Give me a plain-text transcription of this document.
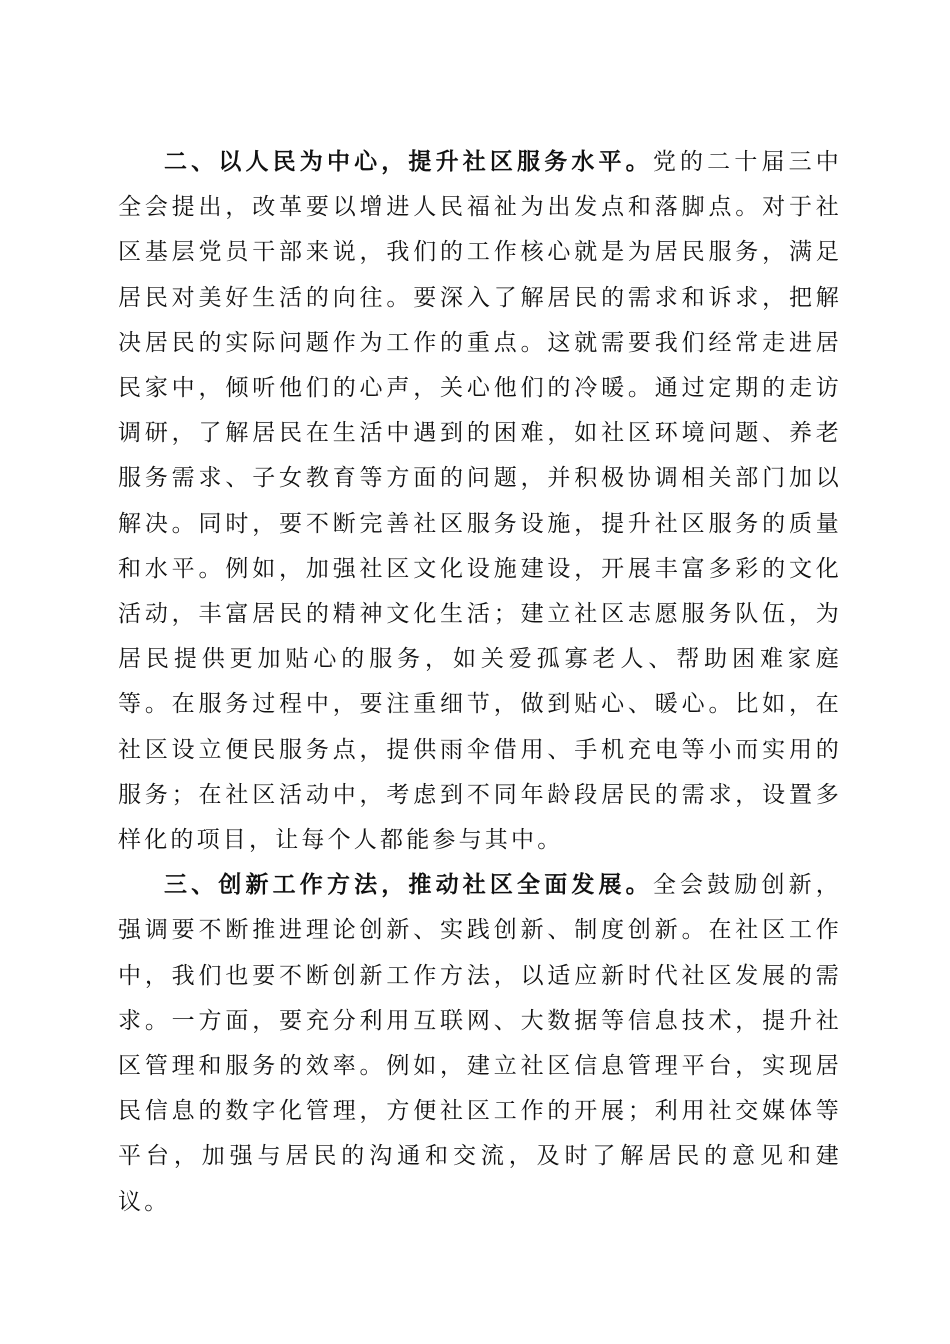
二、以人民为中心，提升社区服务水平。党的二十届三中全会提出，改革要以增进人民福祉为出发点和落脚点。对于社区基层党员干部来说，我们的工作核心就是为居民服务，满足居民对美好生活的向往。要深入了解居民的需求和诉求，把解决居民的实际问题作为工作的重点。这就需要我们经常走进居民家中，倾听他们的心声，关心他们的冷暖。通过定期的走访调研，了解居民在生活中遇到的困难，如社区环境问题、养老服务需求、子女教育等方面的问题，并积极协调相关部门加以解决。同时，要不断完善社区服务设施，提升社区服务的质量和水平。例如，加强社区文化设施建设，开展丰富多彩的文化活动，丰富居民的精神文化生活；建立社区志愿服务队伍，为居民提供更加贴心的服务，如关爱孤寡老人、帮助困难家庭等。在服务过程中，要注重细节，做到贴心、暖心。比如，在社区设立便民服务点，提供雨伞借用、手机充电等小而实用的服务；在社区活动中，考虑到不同年龄段居民的需求，设置多样化的项目，让每个人都能参与其中。

三、创新工作方法，推动社区全面发展。全会鼓励创新，强调要不断推进理论创新、实践创新、制度创新。在社区工作中，我们也要不断创新工作方法，以适应新时代社区发展的需求。一方面，要充分利用互联网、大数据等信息技术，提升社区管理和服务的效率。例如，建立社区信息管理平台，实现居民信息的数字化管理，方便社区工作的开展；利用社交媒体等平台，加强与居民的沟通和交流，及时了解居民的意见和建议。
